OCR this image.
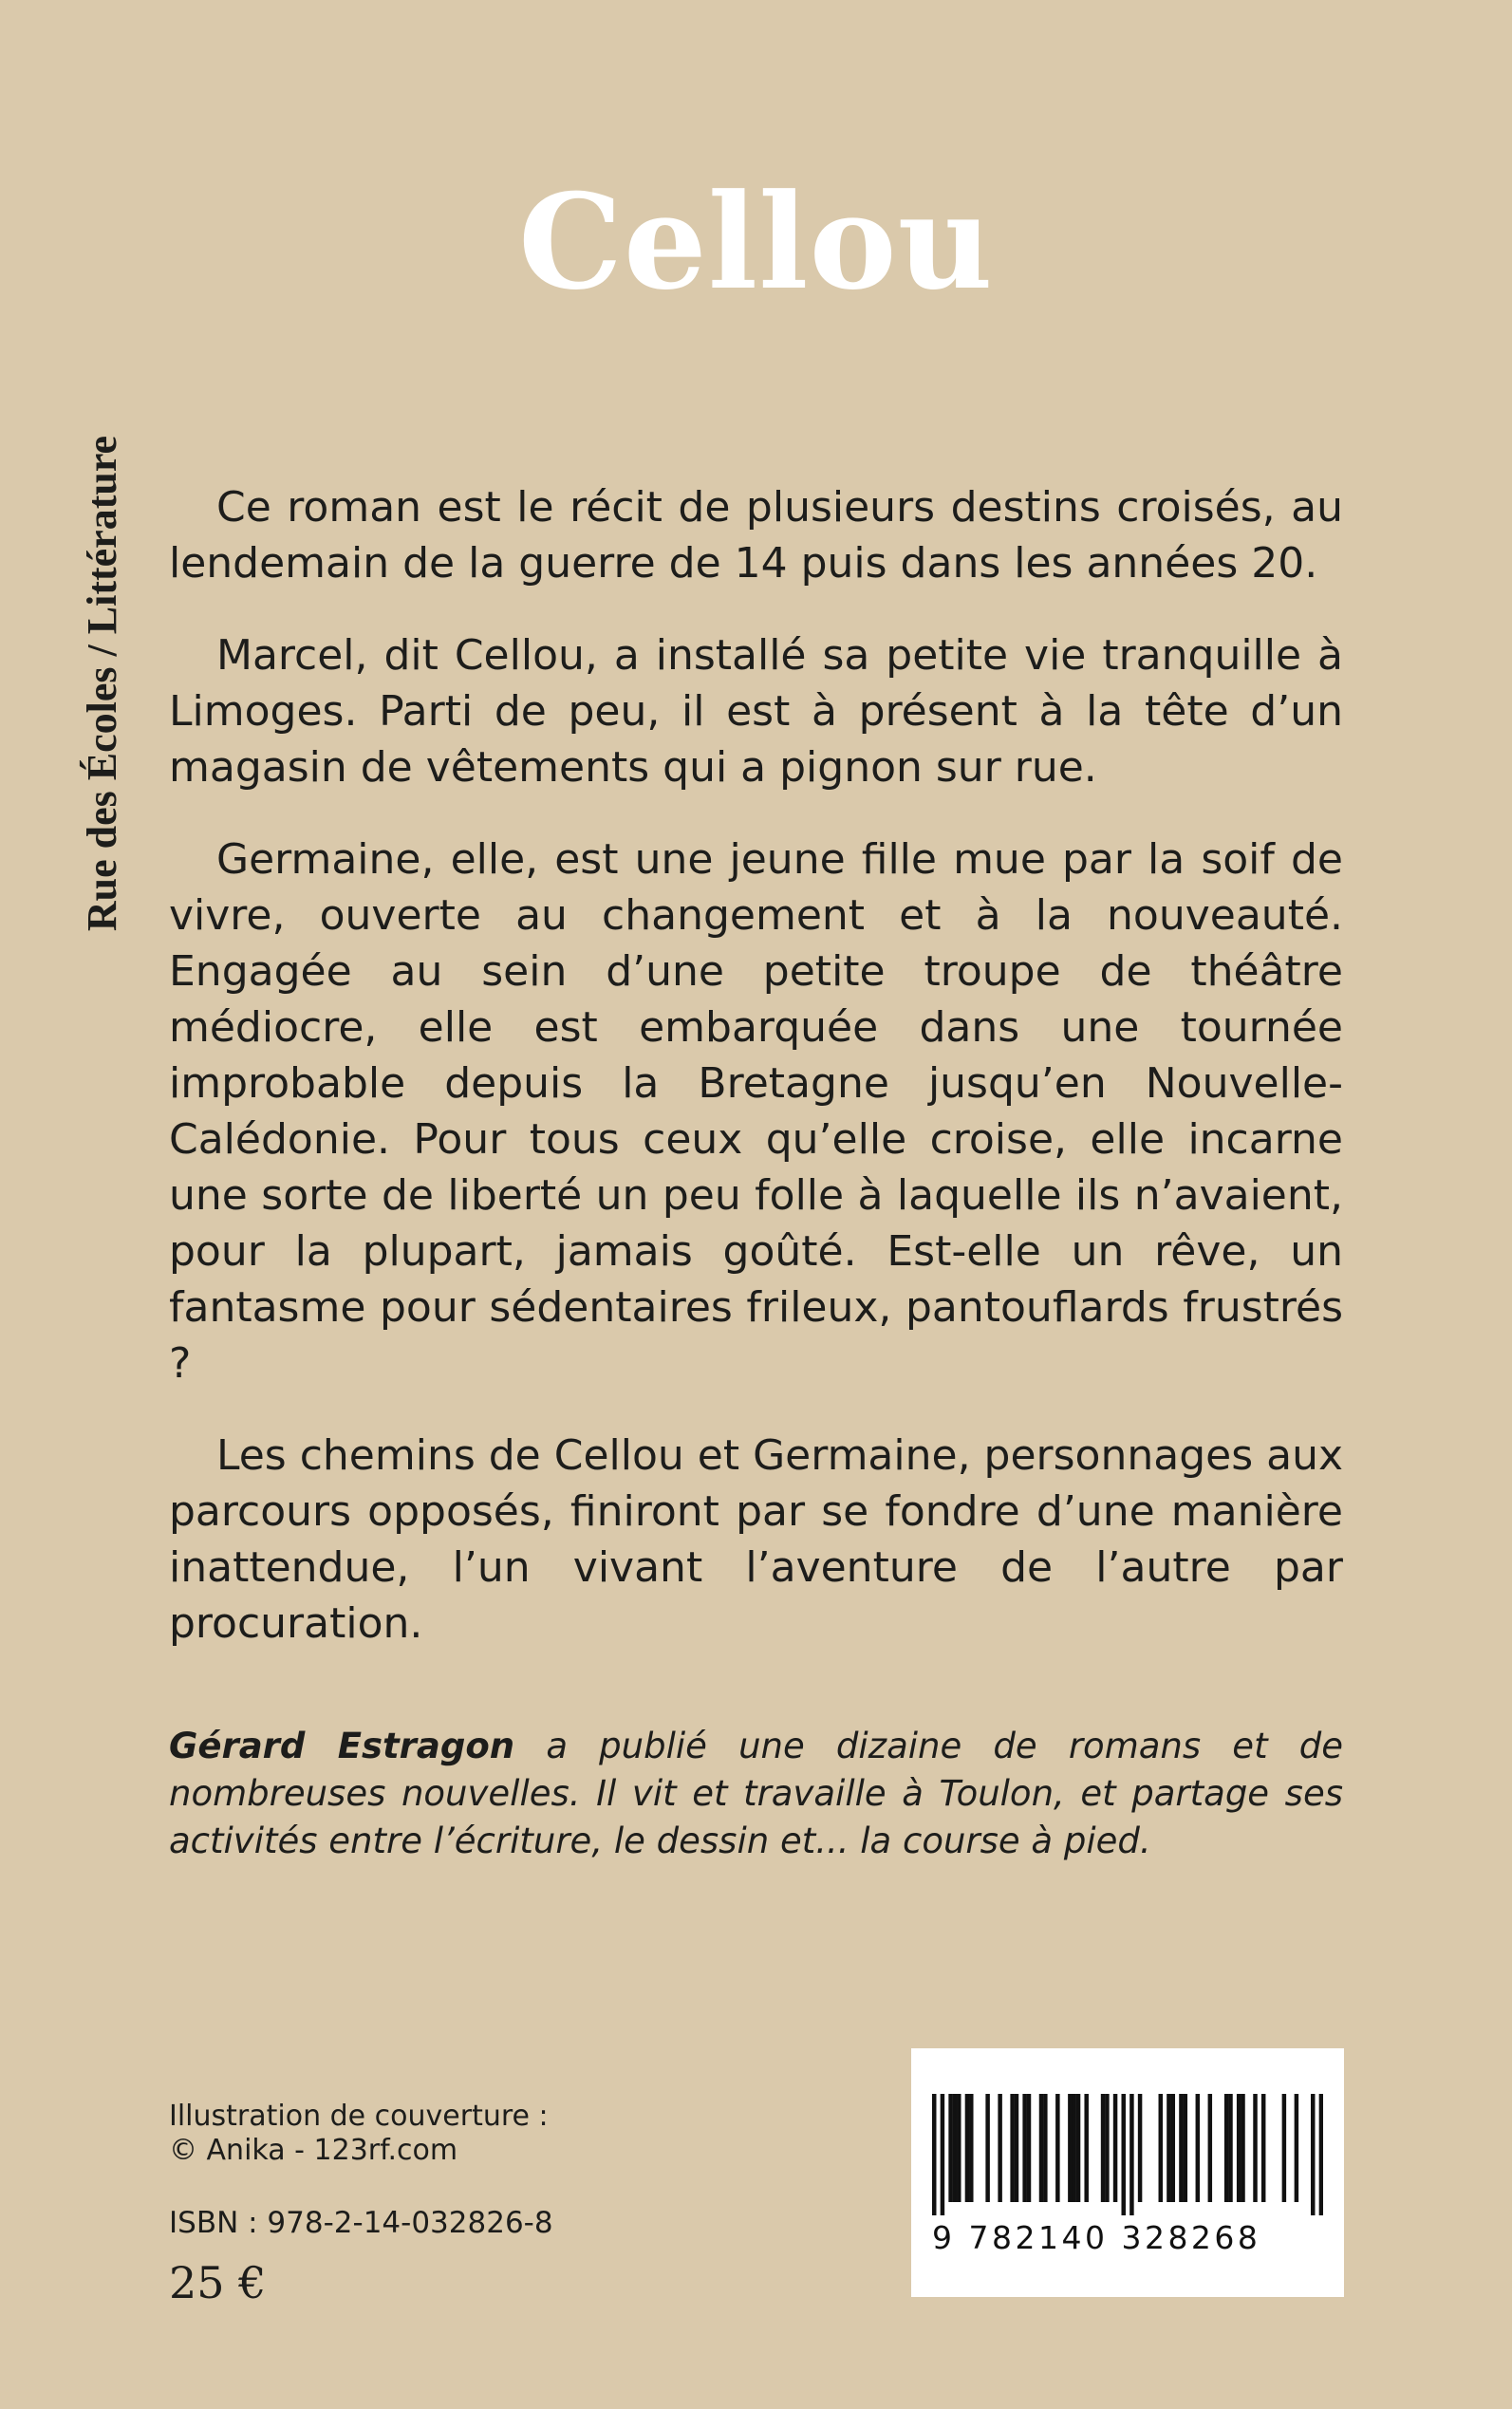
Rue des Écoles / Littérature
Cellou

Ce roman est le récit de plusieurs destins croisés, au lendemain de la guerre de 14 puis dans les années 20.

Marcel, dit Cellou, a installé sa petite vie tranquille à Limoges. Parti de peu, il est à présent à la tête d’un magasin de vêtements qui a pignon sur rue.

Germaine, elle, est une jeune fille mue par la soif de vivre, ouverte au changement et à la nouveauté. Engagée au sein d’une petite troupe de théâtre médiocre, elle est embarquée dans une tournée improbable depuis la Bretagne jusqu’en Nouvelle-Calédonie. Pour tous ceux qu’elle croise, elle incarne une sorte de liberté un peu folle à laquelle ils n’avaient, pour la plupart, jamais goûté. Est-elle un rêve, un fantasme pour sédentaires frileux, pantouflards frustrés ?

Les chemins de Cellou et Germaine, personnages aux parcours opposés, finiront par se fondre d’une manière inattendue, l’un vivant l’aventure de l’autre par procuration.

Gérard Estragon a publié une dizaine de romans et de nombreuses nouvelles. Il vit et travaille à Toulon, et partage ses activités entre l’écriture, le dessin et... la course à pied.
Illustration de couverture :
© Anika - 123rf.com
ISBN : 978-2-14-032826-8
25 €
9 782140 328268
